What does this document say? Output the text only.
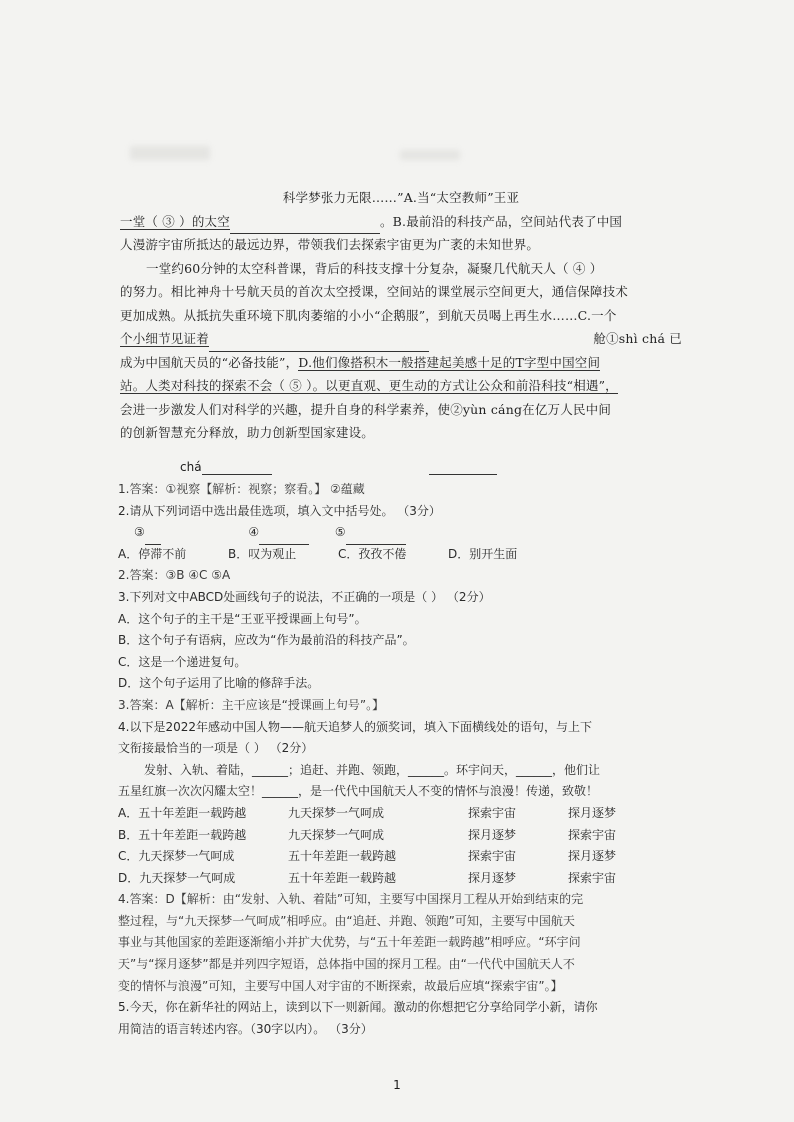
科学梦张力无限……”A.当“太空教师”王亚
一堂（ ③ ）的太空	。B.最前沿的科技产品，空间站代表了中国
人漫游宇宙所抵达的最远边界，带领我们去探索宇宙更为广袤的未知世界。
一堂约60分钟的太空科普课，背后的科技支撑十分复杂，凝聚几代航天人（ ④ ）
的努力。相比神舟十号航天员的首次太空授课，空间站的课堂展示空间更大，通信保障技术
更加成熟。从抵抗失重环境下肌肉萎缩的小小“企鹅服”，到航天员喝上再生水……C.一个
个小细节见证着	舱①shì chá 已
成为中国航天员的“必备技能”，D.他们像搭积木一般搭建起美感十足的T字型中国空间
站。人类对科技的探索不会（ ⑤ ）。以更直观、更生动的方式让公众和前沿科技“相遇”，
会进一步激发人们对科学的兴趣，提升自身的科学素养，使②yùn cáng在亿万人民中间
的创新智慧充分释放，助力创新型国家建设。
chá
1.答案：①视察【解析：视察；察看。】 ②蕴藏
2.请从下列词语中选出最佳选项，填入文中括号处。 （3分）
③	④	⑤
A．停滞不前	B．叹为观止	C．孜孜不倦	D．别开生面
2.答案：③B ④C ⑤A
3.下列对文中ABCD处画线句子的说法，不正确的一项是（ ） （2分）
A．这个句子的主干是“王亚平授课画上句号”。
B．这个句子有语病，应改为“作为最前沿的科技产品”。
C．这是一个递进复句。
D．这个句子运用了比喻的修辞手法。
3.答案：A【解析：主干应该是“授课画上句号”。】
4.以下是2022年感动中国人物——航天追梦人的颁奖词，填入下面横线处的语句，与上下
文衔接最恰当的一项是（ ） （2分）
发射、入轨、着陆，______；追赶、并跑、领跑，______。环宇问天，______，他们让
五星红旗一次次闪耀太空！______，是一代代中国航天人不变的情怀与浪漫！传递，致敬！
A．五十年差距一载跨越	九天探梦一气呵成	探索宇宙	探月逐梦
B．五十年差距一载跨越	九天探梦一气呵成	探月逐梦	探索宇宙
C．九天探梦一气呵成	五十年差距一载跨越	探索宇宙	探月逐梦
D．九天探梦一气呵成	五十年差距一载跨越	探月逐梦	探索宇宙
4.答案：D【解析：由“发射、入轨、着陆”可知，主要写中国探月工程从开始到结束的完
整过程，与“九天探梦一气呵成”相呼应。由“追赶、并跑、领跑”可知，主要写中国航天
事业与其他国家的差距逐渐缩小并扩大优势，与“五十年差距一载跨越”相呼应。“环宇问
天”与“探月逐梦”都是并列四字短语，总体指中国的探月工程。由“一代代中国航天人不
变的情怀与浪漫”可知，主要写中国人对宇宙的不断探索，故最后应填“探索宇宙”。】
5.今天，你在新华社的网站上，读到以下一则新闻。激动的你想把它分享给同学小新，请你
用简洁的语言转述内容。（30字以内）。 （3分）
1
